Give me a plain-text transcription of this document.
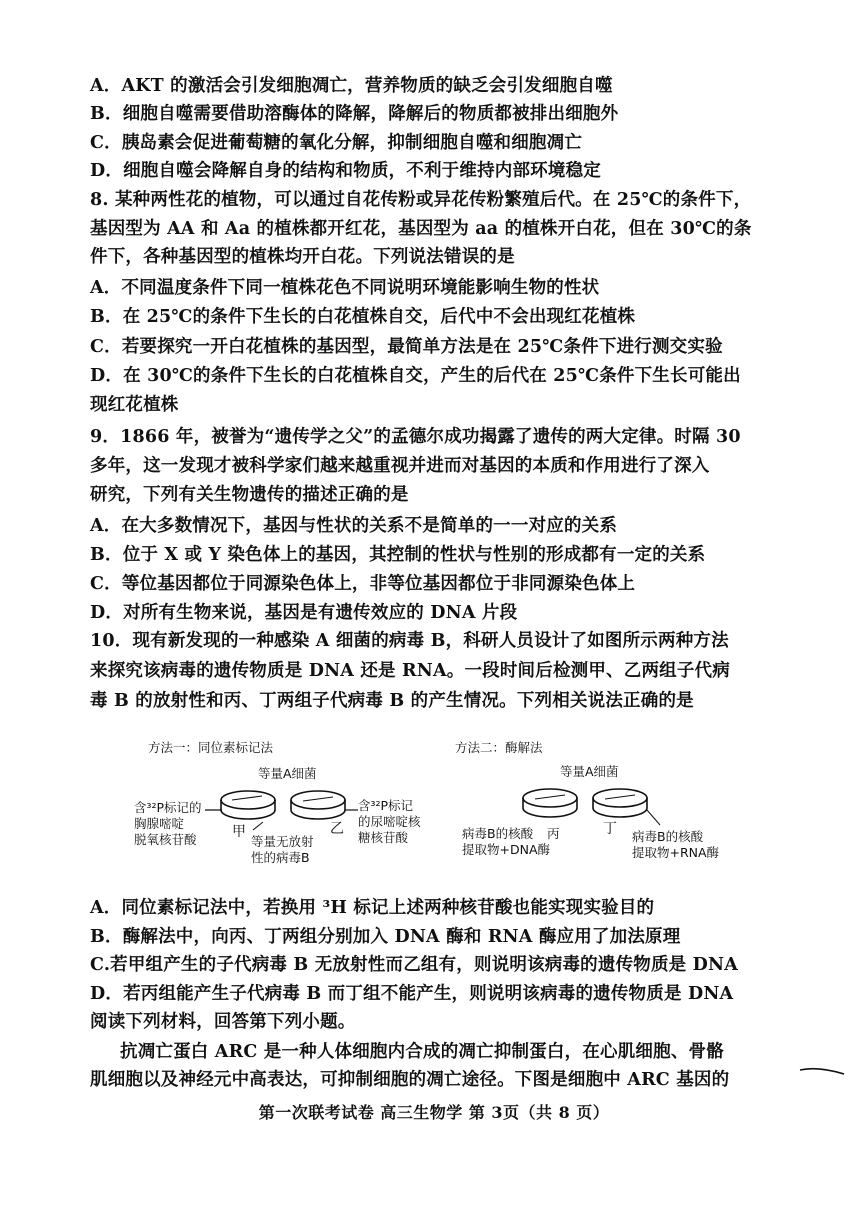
A．AKT 的激活会引发细胞凋亡，营养物质的缺乏会引发细胞自噬
B．细胞自噬需要借助溶酶体的降解，降解后的物质都被排出细胞外
C．胰岛素会促进葡萄糖的氧化分解，抑制细胞自噬和细胞凋亡
D．细胞自噬会降解自身的结构和物质，不利于维持内部环境稳定
8. 某种两性花的植物，可以通过自花传粉或异花传粉繁殖后代。在 25℃的条件下，
基因型为 AA 和 Aa 的植株都开红花，基因型为 aa 的植株开白花，但在 30℃的条
件下，各种基因型的植株均开白花。下列说法错误的是
A．不同温度条件下同一植株花色不同说明环境能影响生物的性状
B．在 25℃的条件下生长的白花植株自交，后代中不会出现红花植株
C．若要探究一开白花植株的基因型，最简单方法是在 25℃条件下进行测交实验
D．在 30℃的条件下生长的白花植株自交，产生的后代在 25℃条件下生长可能出
现红花植株
9．1866 年，被誉为“遗传学之父”的孟德尔成功揭露了遗传的两大定律。时隔 30
多年，这一发现才被科学家们越来越重视并进而对基因的本质和作用进行了深入
研究，下列有关生物遗传的描述正确的是
A．在大多数情况下，基因与性状的关系不是简单的一一对应的关系
B．位于 X 或 Y 染色体上的基因，其控制的性状与性别的形成都有一定的关系
C．等位基因都位于同源染色体上，非等位基因都位于非同源染色体上
D．对所有生物来说，基因是有遗传效应的 DNA 片段
10．现有新发现的一种感染 A 细菌的病毒 B，科研人员设计了如图所示两种方法
来探究该病毒的遗传物质是 DNA 还是 RNA。一段时间后检测甲、乙两组子代病
毒 B 的放射性和丙、丁两组子代病毒 B 的产生情况。下列相关说法正确的是
方法一：同位素标记法
等量A细菌
含³²P标记的
胸腺嘧啶
脱氧核苷酸	甲	乙
等量无放射
性的病毒B
含³²P标记
的尿嘧啶核
糖核苷酸
方法二：酶解法
等量A细菌
病毒B的核酸
提取物+DNA酶
丙	丁 病毒B的核酸
提取物+RNA酶
A．同位素标记法中，若换用 ³H 标记上述两种核苷酸也能实现实验目的
B．酶解法中，向丙、丁两组分别加入 DNA 酶和 RNA 酶应用了加法原理
C.若甲组产生的子代病毒 B 无放射性而乙组有，则说明该病毒的遗传物质是 DNA
D．若丙组能产生子代病毒 B 而丁组不能产生，则说明该病毒的遗传物质是 DNA
阅读下列材料，回答第下列小题。
抗凋亡蛋白 ARC 是一种人体细胞内合成的凋亡抑制蛋白，在心肌细胞、骨骼
肌细胞以及神经元中高表达，可抑制细胞的凋亡途径。下图是细胞中 ARC 基因的
第一次联考试卷 高三生物学 第 3页（共 8 页）
